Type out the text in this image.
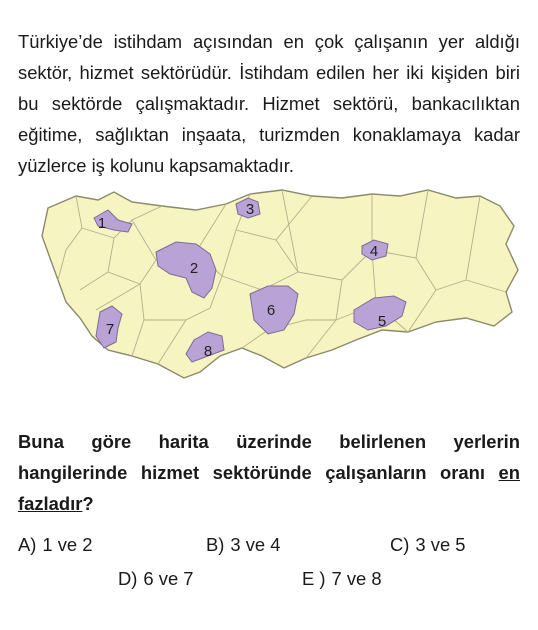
Türkiye’de istihdam açısından en çok çalışanın yer aldığı sektör, hizmet sektörüdür. İstihdam edilen her iki kişiden biri bu sektörde çalışmaktadır. Hizmet sektörü, bankacılıktan eğitime, sağlıktan inşaata, turizmden konaklamaya kadar yüzlerce iş kolunu kapsamaktadır.

1
2
3
4
5
6
7
8

Buna göre harita üzerinde belirlenen yerlerin hangilerinde hizmet sektöründe çalışanların oranı en fazladır?

A) 1 ve 2	B) 3 ve 4	C) 3 ve 5
D) 6 ve 7	E ) 7 ve 8
